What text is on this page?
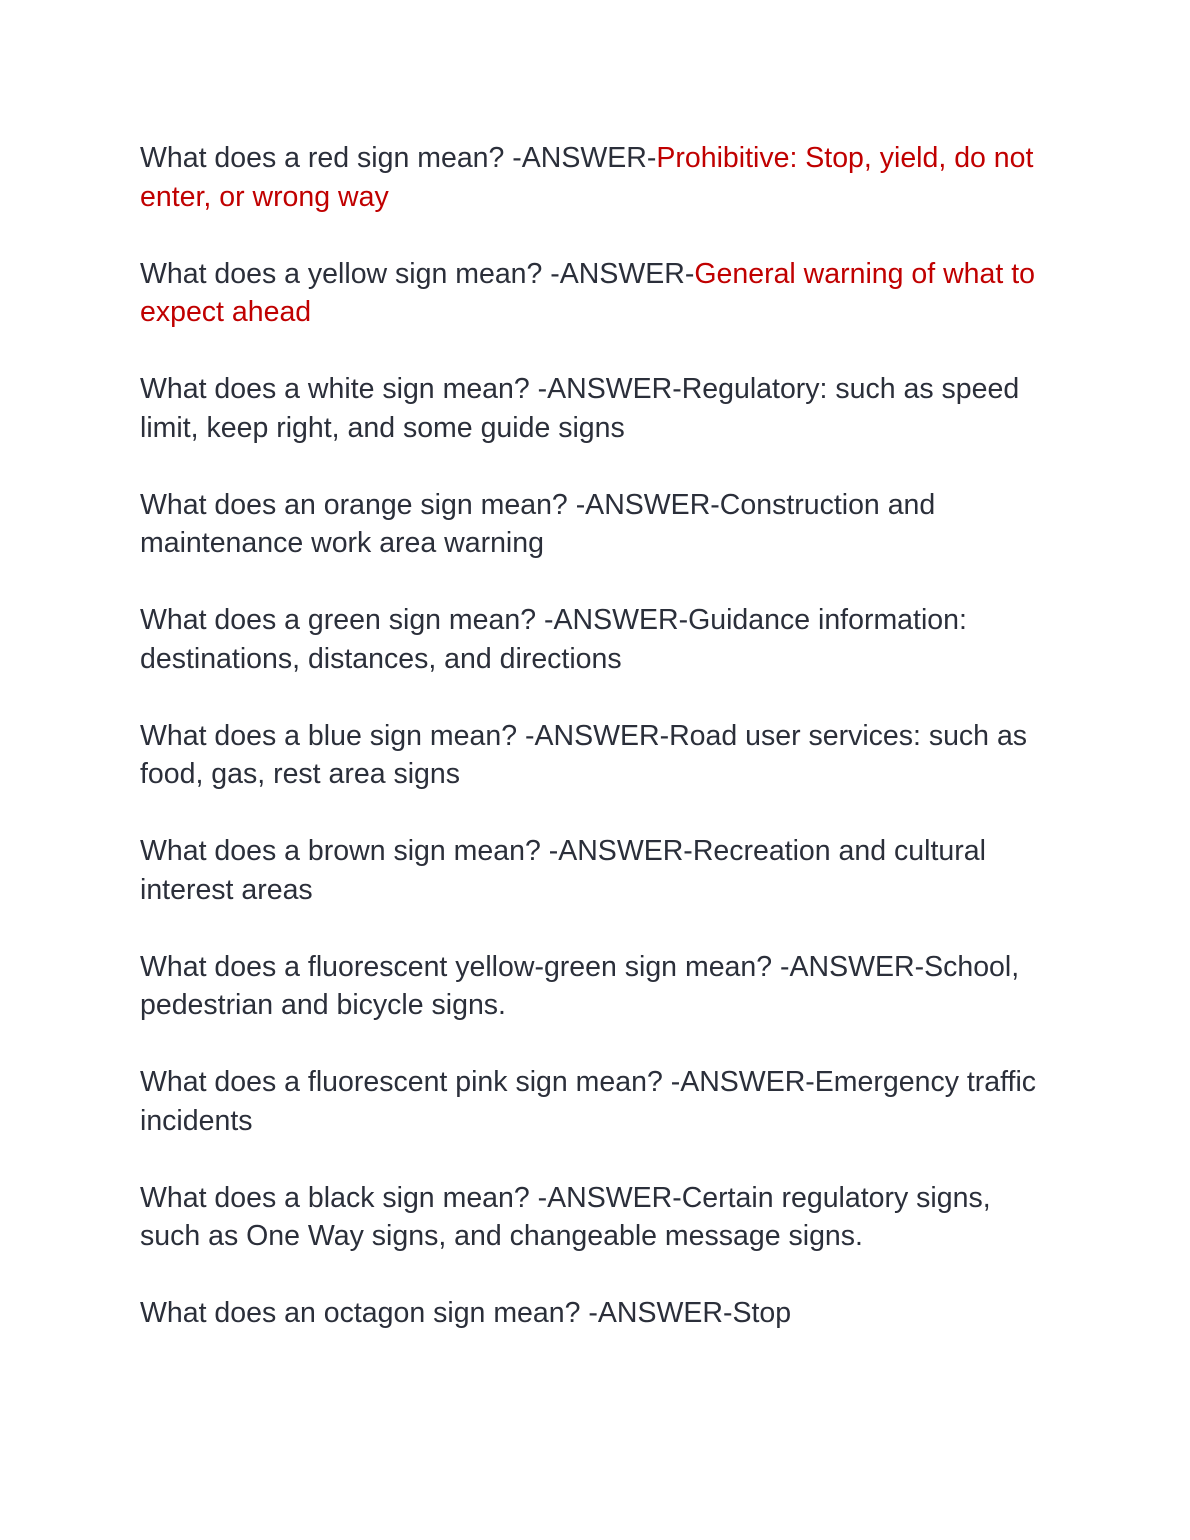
What does a red sign mean? -ANSWER-Prohibitive: Stop, yield, do not enter, or wrong way
What does a yellow sign mean? -ANSWER-General warning of what to expect ahead
What does a white sign mean? -ANSWER-Regulatory: such as speed limit, keep right, and some guide signs
What does an orange sign mean? -ANSWER-Construction and maintenance work area warning
What does a green sign mean? -ANSWER-Guidance information: destinations, distances, and directions
What does a blue sign mean? -ANSWER-Road user services: such as food, gas, rest area signs
What does a brown sign mean? -ANSWER-Recreation and cultural interest areas
What does a fluorescent yellow-green sign mean? -ANSWER-School, pedestrian and bicycle signs.
What does a fluorescent pink sign mean? -ANSWER-Emergency traffic incidents
What does a black sign mean? -ANSWER-Certain regulatory signs, such as One Way signs, and changeable message signs.
What does an octagon sign mean? -ANSWER-Stop
